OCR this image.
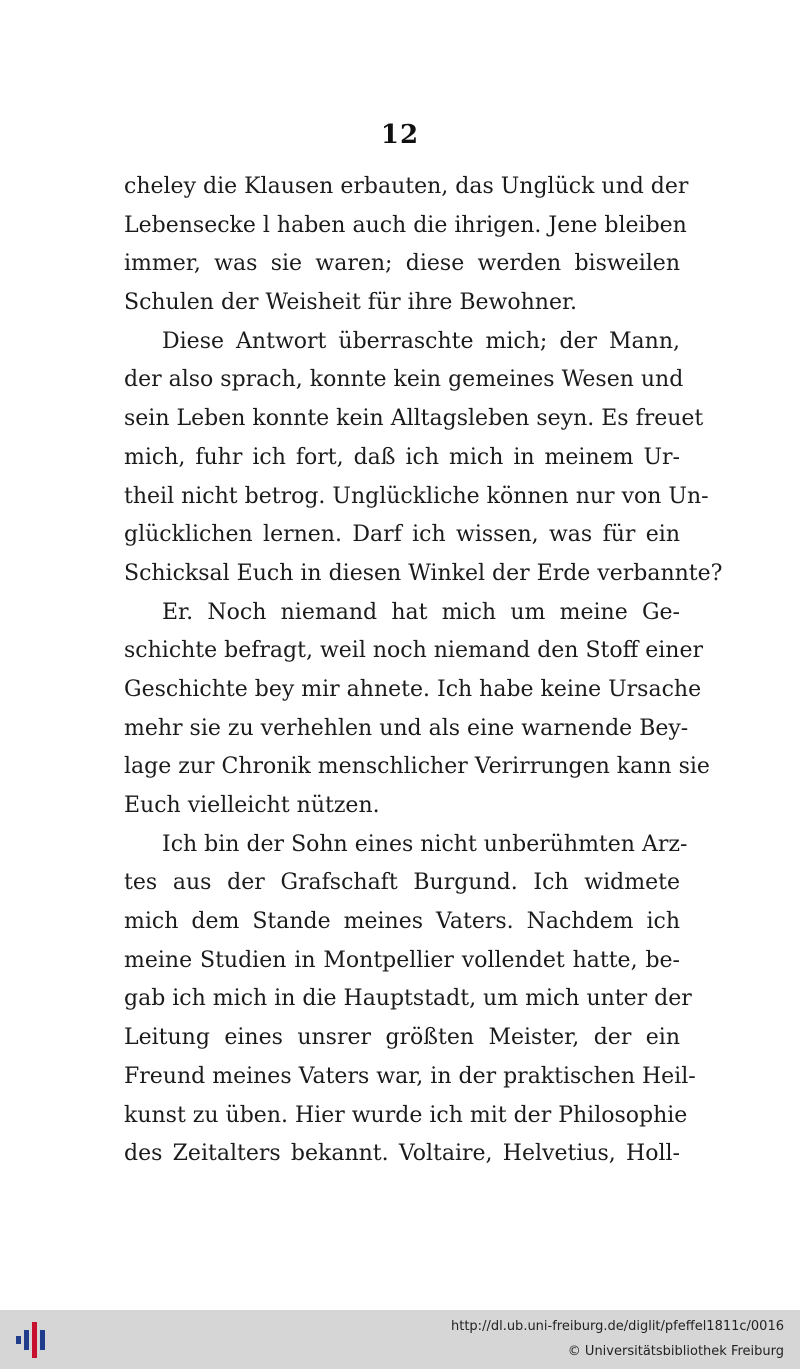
12
cheley die Klausen erbauten, das Unglück und der
Lebensecke l haben auch die ihrigen. Jene bleiben
immer, was sie waren; diese werden bisweilen
Schulen der Weisheit für ihre Bewohner.
Diese Antwort überraschte mich; der Mann,
der also sprach, konnte kein gemeines Wesen und
sein Leben konnte kein Alltagsleben seyn. Es freuet
mich, fuhr ich fort, daß ich mich in meinem Ur-
theil nicht betrog. Unglückliche können nur von Un-
glücklichen lernen. Darf ich wissen, was für ein
Schicksal Euch in diesen Winkel der Erde verbannte?
Er. Noch niemand hat mich um meine Ge-
schichte befragt, weil noch niemand den Stoff einer
Geschichte bey mir ahnete. Ich habe keine Ursache
mehr sie zu verhehlen und als eine warnende Bey-
lage zur Chronik menschlicher Verirrungen kann sie
Euch vielleicht nützen.
Ich bin der Sohn eines nicht unberühmten Arz-
tes aus der Grafschaft Burgund. Ich widmete
mich dem Stande meines Vaters. Nachdem ich
meine Studien in Montpellier vollendet hatte, be-
gab ich mich in die Hauptstadt, um mich unter der
Leitung eines unsrer größten Meister, der ein
Freund meines Vaters war, in der praktischen Heil-
kunst zu üben. Hier wurde ich mit der Philosophie
des Zeitalters bekannt. Voltaire, Helvetius, Holl-
http://dl.ub.uni-freiburg.de/diglit/pfeffel1811c/0016
© Universitätsbibliothek Freiburg
